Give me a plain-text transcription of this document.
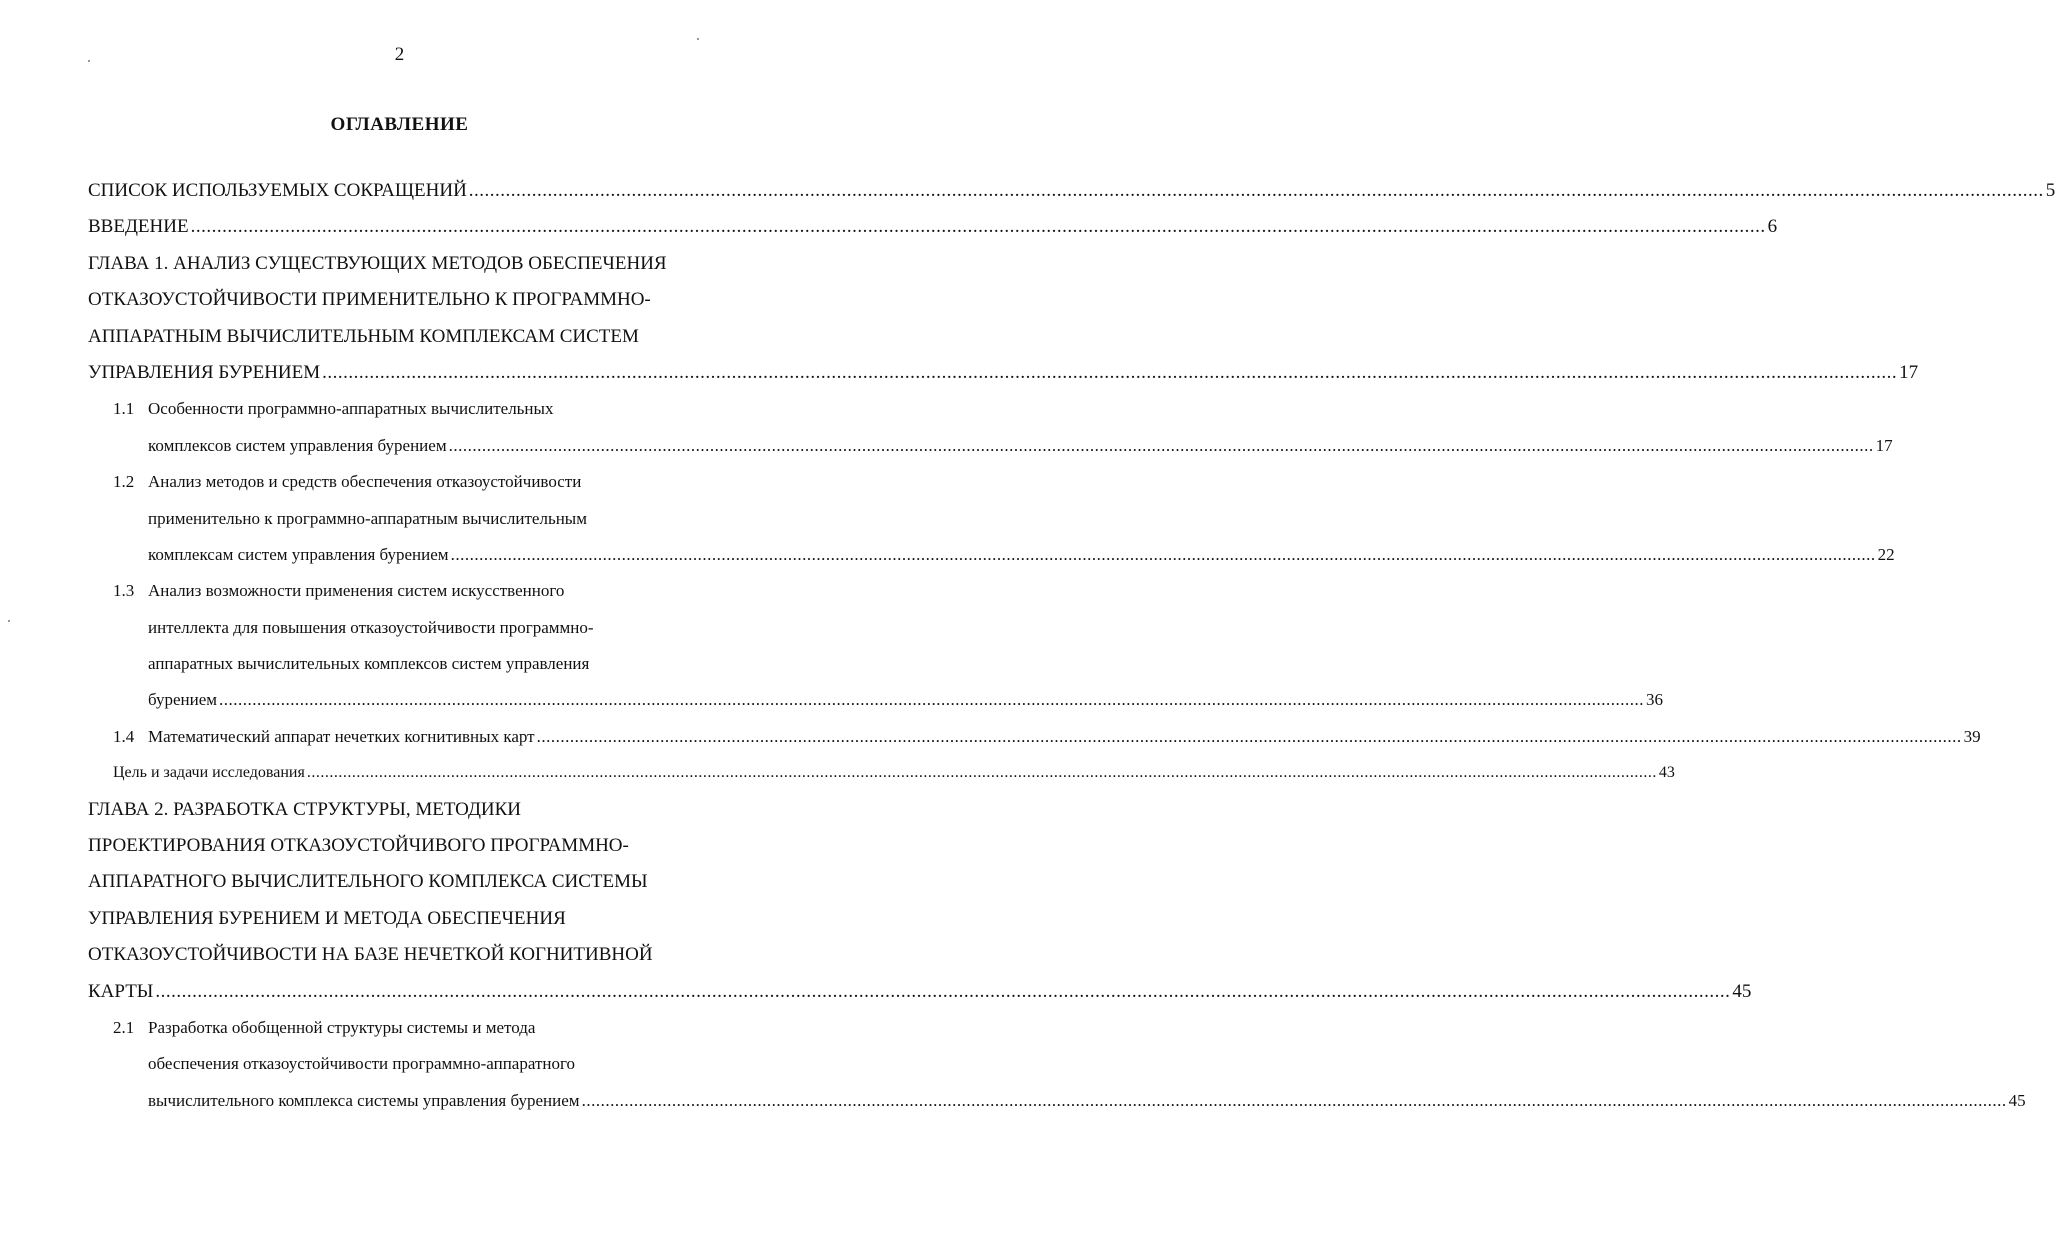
2
ОГЛАВЛЕНИЕ
СПИСОК ИСПОЛЬЗУЕМЫХ СОКРАЩЕНИЙ ............................................................................................................................................................................................................................................................................................................ 5
ВВЕДЕНИЕ ............................................................................................................................................................................................................................................................................................................ 6
ГЛАВА 1. АНАЛИЗ СУЩЕСТВУЮЩИХ МЕТОДОВ ОБЕСПЕЧЕНИЯ
ОТКАЗОУСТОЙЧИВОСТИ ПРИМЕНИТЕЛЬНО К ПРОГРАММНО-
АППАРАТНЫМ ВЫЧИСЛИТЕЛЬНЫМ КОМПЛЕКСАМ СИСТЕМ
УПРАВЛЕНИЯ БУРЕНИЕМ ............................................................................................................................................................................................................................................................................................................ 17
1.1 Особенности программно-аппаратных вычислительных
комплексов систем управления бурением ............................................................................................................................................................................................................................................................................................................ 17
1.2 Анализ методов и средств обеспечения отказоустойчивости
применительно к программно-аппаратным вычислительным
комплексам систем управления бурением ............................................................................................................................................................................................................................................................................................................ 22
1.3 Анализ возможности применения систем искусственного
интеллекта для повышения отказоустойчивости программно-
аппаратных вычислительных комплексов систем управления
бурением ............................................................................................................................................................................................................................................................................................................ 36
1.4 Математический аппарат нечетких когнитивных карт ............................................................................................................................................................................................................................................................................................................ 39
Цель и задачи исследования ............................................................................................................................................................................................................................................................................................................ 43
ГЛАВА 2. РАЗРАБОТКА СТРУКТУРЫ, МЕТОДИКИ
ПРОЕКТИРОВАНИЯ ОТКАЗОУСТОЙЧИВОГО ПРОГРАММНО-
АППАРАТНОГО ВЫЧИСЛИТЕЛЬНОГО КОМПЛЕКСА СИСТЕМЫ
УПРАВЛЕНИЯ БУРЕНИЕМ И МЕТОДА ОБЕСПЕЧЕНИЯ
ОТКАЗОУСТОЙЧИВОСТИ НА БАЗЕ НЕЧЕТКОЙ КОГНИТИВНОЙ
КАРТЫ ............................................................................................................................................................................................................................................................................................................ 45
2.1 Разработка обобщенной структуры системы и метода
обеспечения отказоустойчивости программно-аппаратного
вычислительного комплекса системы управления бурением ............................................................................................................................................................................................................................................................................................................ 45
